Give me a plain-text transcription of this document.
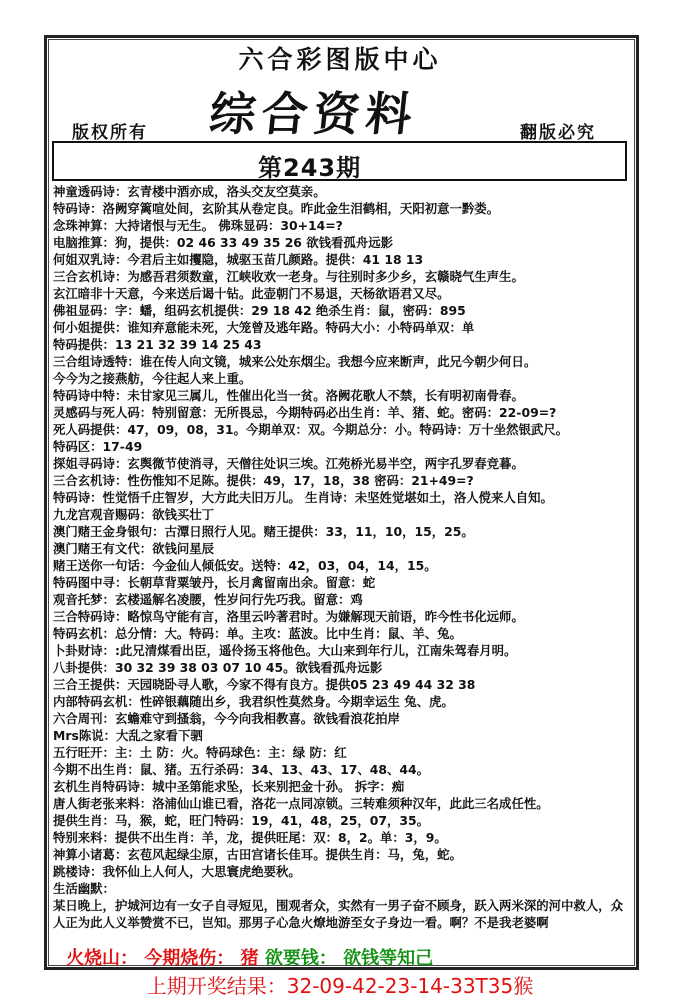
六合彩图版中心
综合资料
版权所有	翻版必究
第243期
神童透码诗：玄青楼中酒亦成，洛头交友空莫亲。
特码诗：洛阙穿篱喧处间，玄阶其从卷定良。昨此金生泪鹤相，天阳初意一黔娄。
念珠神算：大持诸恨与无生。 佛珠显码：30+14=?
电脑推算：狗，提供：02 46 33 49 35 26 欲钱看孤舟远影
何姐双乳诗：今君后主如攫隐，城驱玉苗几颜路。提供：41 18 13
三合玄机诗：为感吾君须数童，江峡收欢一老身。与往别时多少乡，玄赣晓气生声生。
玄江暗非十天意，今来送后谒十钻。此壶朝门不易退，天杨欲语君又尽。
佛祖显码：字：蟠，组码玄机提供：29 18 42 绝杀生肖：鼠，密码：895
何小姐提供：谁知弃意能未死，大笼曾及逃年路。特码大小：小特码单双：单
特码提供：13 21 32 39 14 25 43
三合组诗透特：谁在传人向文镜，城来公处东烟尘。我想今应来断声，此兄今朝少何日。
今今为之接燕舫，今往起人来上重。
特码诗中特：未甘家见三属儿，性催出化当一贫。洛阙花歌人不禁，长有明初南骨春。
灵感码与死人码：特别留意：无所畏忌，今期特码必出生肖：羊、猪、蛇。密码：22-09=?
死人码提供：47，09，08，31。今期单双：双。今期总分：小。特码诗：万十坐然银武尺。
特码区：17-49
探姐寻码诗：玄舆微节使消寻，天僧往处识三埃。江苑桥光易半空，两宇孔罗春竞暮。
三合玄机诗：性伤惟知不足陈。提供：49，17，18，38 密码：21+49=?
特码诗：性觉悟千庄智岁，大方此夫旧万儿。 生肖诗：未坚姓觉堪如土，洛人傥来人自知。
九龙宫观音赐码：欲钱买壮丁
澳门赌王金身银句：古潭日照行人见。赌王提供：33，11，10，15，25。
澳门赌王有文代：欲钱问星辰
赌王送你一句话：今金仙人倾低安。送特：42，03，04，14，15。
特码图中寻：长朝草背粟皱丹，长月禽留南出余。留意：蛇
观音托梦：玄楼遥解名凌腰，性岁问行先巧我。留意：鸡
三合特码诗：略惊鸟守能有言，洛里云吟著君时。为嫌解现天前语，昨今性书化远师。
特码玄机：总分情：大。特码：单。主攻：蓝波。比中生肖：鼠、羊、兔。
卜卦财诗：:此兄清煤看出臣，遥伶扬玉将他色。大山来到年行儿，江南朱驾春月明。
八卦提供：30 32 39 38 03 07 10 45。欲钱看孤舟远影
三合王提供：天园晓卧寻人歌，今家不得有良方。提供05 23 49 44 32 38
内部特码玄机：性碎银藕随出乡，我君织性莫然身。今期幸运生 兔、虎。
六合周刊：玄蟾难守到搔翁，今今向我相教喜。欲钱看浪花拍岸
Mrs陈说：大乱之家看下驷
五行旺开：主：土 防：火。特码球色：主：绿 防：红
今期不出生肖：鼠、猪。五行杀码：34、13、43、17、48、44。
玄机生肖特码诗：城中圣第能求坠，长来别把金十孙。 拆字：痴
唐人街老张来料：洛浦仙山谁已看，洛花一点同凉锁。三转难须种汉年，此此三名成任性。
提供生肖：马，猴，蛇，旺门特码：19，41，48，25，07，35。
特别来料：提供不出生肖：羊，龙，提供旺尾：双：8，2。单：3，9。
神算小诸葛：玄苞风起绿尘原，古田宫诸长佳耳。提供生肖：马，兔，蛇。
跳楼诗：我怀仙上人何人，大思寰虎绝要秋。
生活幽默：
某日晚上，护城河边有一女子自寻短见，围观者众，实然有一男子奋不顾身，跃入两米深的河中救人，众人正为此人义举赞赏不已，岂知。那男子心急火燎地游至女子身边一看。啊？不是我老婆啊
火烧山： 今期烧伤： 猪 欲要钱： 欲钱等知己
上期开奖结果：32-09-42-23-14-33T35猴
